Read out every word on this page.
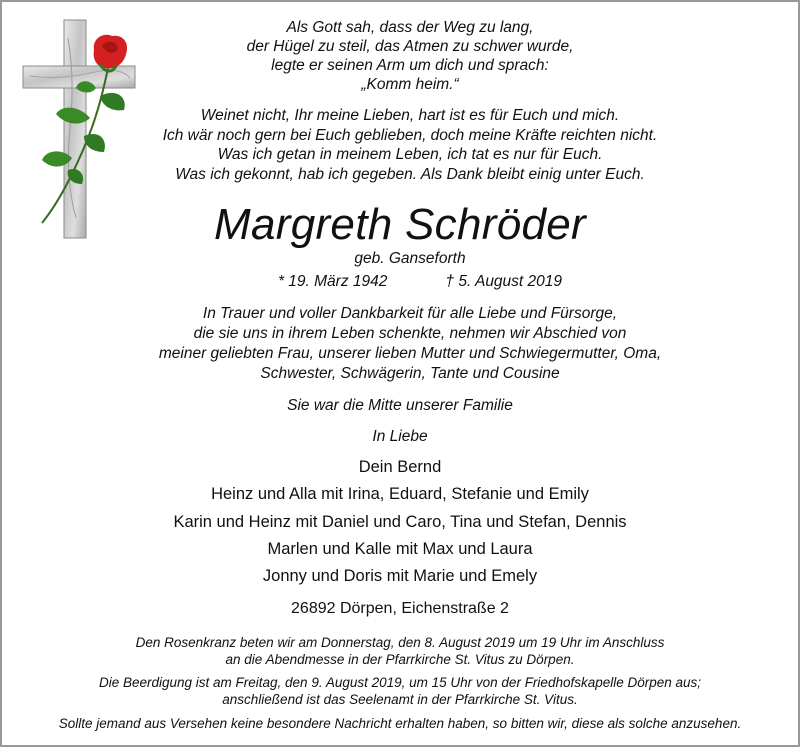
Als Gott sah, dass der Weg zu lang,
der Hügel zu steil, das Atmen zu schwer wurde,
legte er seinen Arm um dich und sprach:
„Komm heim.“
Weinet nicht, Ihr meine Lieben, hart ist es für Euch und mich.
Ich wär noch gern bei Euch geblieben, doch meine Kräfte reichten nicht.
Was ich getan in meinem Leben, ich tat es nur für Euch.
Was ich gekonnt, hab ich gegeben. Als Dank bleibt einig unter Euch.
Margreth Schröder
geb. Ganseforth
* 19. März 1942	† 5. August 2019
In Trauer und voller Dankbarkeit für alle Liebe und Fürsorge,
die sie uns in ihrem Leben schenkte, nehmen wir Abschied von
meiner geliebten Frau, unserer lieben Mutter und Schwiegermutter, Oma,
Schwester, Schwägerin, Tante und Cousine
Sie war die Mitte unserer Familie
In Liebe
Dein Bernd
Heinz und Alla mit Irina, Eduard, Stefanie und Emily
Karin und Heinz mit Daniel und Caro, Tina und Stefan, Dennis
Marlen und Kalle mit Max und Laura
Jonny und Doris mit Marie und Emely
26892 Dörpen, Eichenstraße 2
Den Rosenkranz beten wir am Donnerstag, den 8. August 2019 um 19 Uhr im Anschluss
an die Abendmesse in der Pfarrkirche St. Vitus zu Dörpen.
Die Beerdigung ist am Freitag, den 9. August 2019, um 15 Uhr von der Friedhofskapelle Dörpen aus;
anschließend ist das Seelenamt in der Pfarrkirche St. Vitus.
Sollte jemand aus Versehen keine besondere Nachricht erhalten haben, so bitten wir, diese als solche anzusehen.
